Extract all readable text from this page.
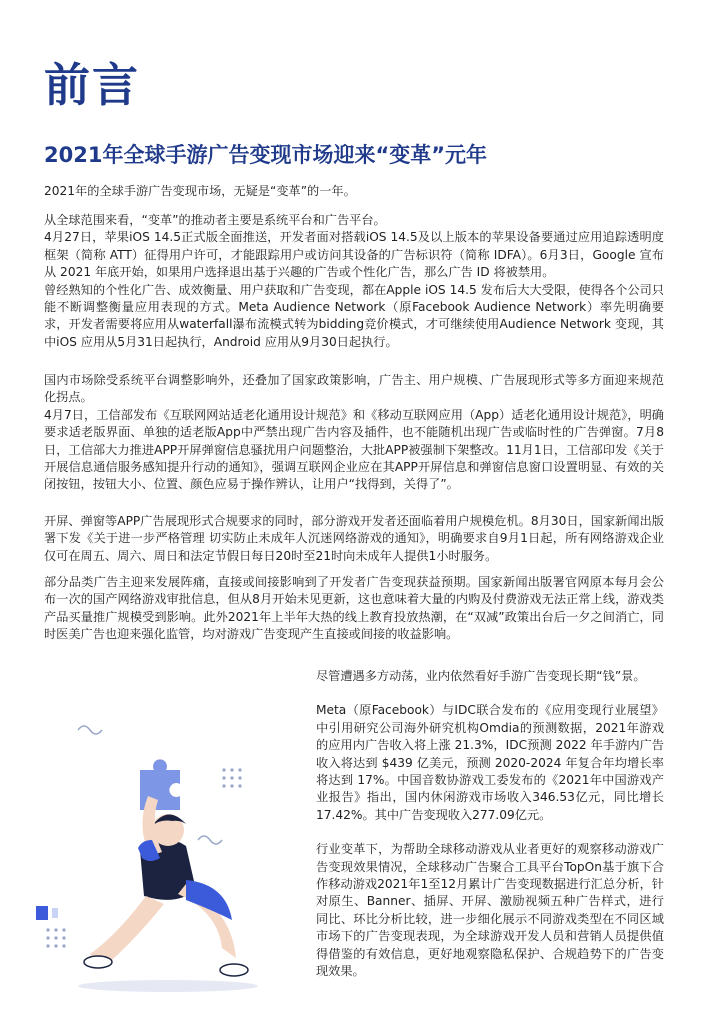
前言
2021年全球手游广告变现市场迎来“变革”元年

2021年的全球手游广告变现市场，无疑是“变革”的一年。

从全球范围来看，“变革”的推动者主要是系统平台和广告平台。

4月27日，苹果iOS 14.5正式版全面推送，开发者面对搭载iOS 14.5及以上版本的苹果设备要通过应用追踪透明度框架（简称 ATT）征得用户许可，才能跟踪用户或访问其设备的广告标识符（简称 IDFA）。6月3日，Google 宣布从 2021 年底开始，如果用户选择退出基于兴趣的广告或个性化广告，那么广告 ID 将被禁用。

曾经熟知的个性化广告、成效衡量、用户获取和广告变现，都在Apple iOS 14.5 发布后大大受限，使得各个公司只能不断调整衡量应用表现的方式。Meta Audience Network（原Facebook Audience Network）率先明确要求，开发者需要将应用从waterfall瀑布流模式转为bidding竞价模式，才可继续使用Audience Network 变现，其中iOS 应用从5月31日起执行，Android 应用从9月30日起执行。

国内市场除受系统平台调整影响外，还叠加了国家政策影响，广告主、用户规模、广告展现形式等多方面迎来规范化拐点。

4月7日，工信部发布《互联网网站适老化通用设计规范》和《移动互联网应用（App）适老化通用设计规范》，明确要求适老版界面、单独的适老版App中严禁出现广告内容及插件，也不能随机出现广告或临时性的广告弹窗。7月8日，工信部大力推进APP开屏弹窗信息骚扰用户问题整治，大批APP被强制下架整改。11月1日，工信部印发《关于开展信息通信服务感知提升行动的通知》，强调互联网企业应在其APP开屏信息和弹窗信息窗口设置明显、有效的关闭按钮，按钮大小、位置、颜色应易于操作辨认，让用户“找得到，关得了”。

开屏、弹窗等APP广告展现形式合规要求的同时，部分游戏开发者还面临着用户规模危机。8月30日，国家新闻出版署下发《关于进一步严格管理 切实防止未成年人沉迷网络游戏的通知》，明确要求自9月1日起，所有网络游戏企业仅可在周五、周六、周日和法定节假日每日20时至21时向未成年人提供1小时服务。

部分品类广告主迎来发展阵痛，直接或间接影响到了开发者广告变现获益预期。国家新闻出版署官网原本每月会公布一次的国产网络游戏审批信息，但从8月开始未见更新，这也意味着大量的内购及付费游戏无法正常上线，游戏类产品买量推广规模受到影响。此外2021年上半年大热的线上教育投放热潮，在“双减”政策出台后一夕之间消亡，同时医美广告也迎来强化监管，均对游戏广告变现产生直接或间接的收益影响。

尽管遭遇多方动荡，业内依然看好手游广告变现长期“钱”景。

Meta（原Facebook）与IDC联合发布的《应用变现行业展望》中引用研究公司海外研究机构Omdia的预测数据，2021年游戏的应用内广告收入将上涨 21.3%，IDC预测 2022 年手游内广告收入将达到 $439 亿美元，预测 2020-2024 年复合年均增长率将达到 17%。中国音数协游戏工委发布的《2021年中国游戏产业报告》指出，国内休闲游戏市场收入346.53亿元，同比增长17.42%。其中广告变现收入277.09亿元。

行业变革下，为帮助全球移动游戏从业者更好的观察移动游戏广告变现效果情况，全球移动广告聚合工具平台TopOn基于旗下合作移动游戏2021年1至12月累计广告变现数据进行汇总分析，针对原生、Banner、插屏、开屏、激励视频五种广告样式，进行同比、环比分析比较，进一步细化展示不同游戏类型在不同区域市场下的广告变现表现，为全球游戏开发人员和营销人员提供值得借鉴的有效信息，更好地观察隐私保护、合规趋势下的广告变现效果。
